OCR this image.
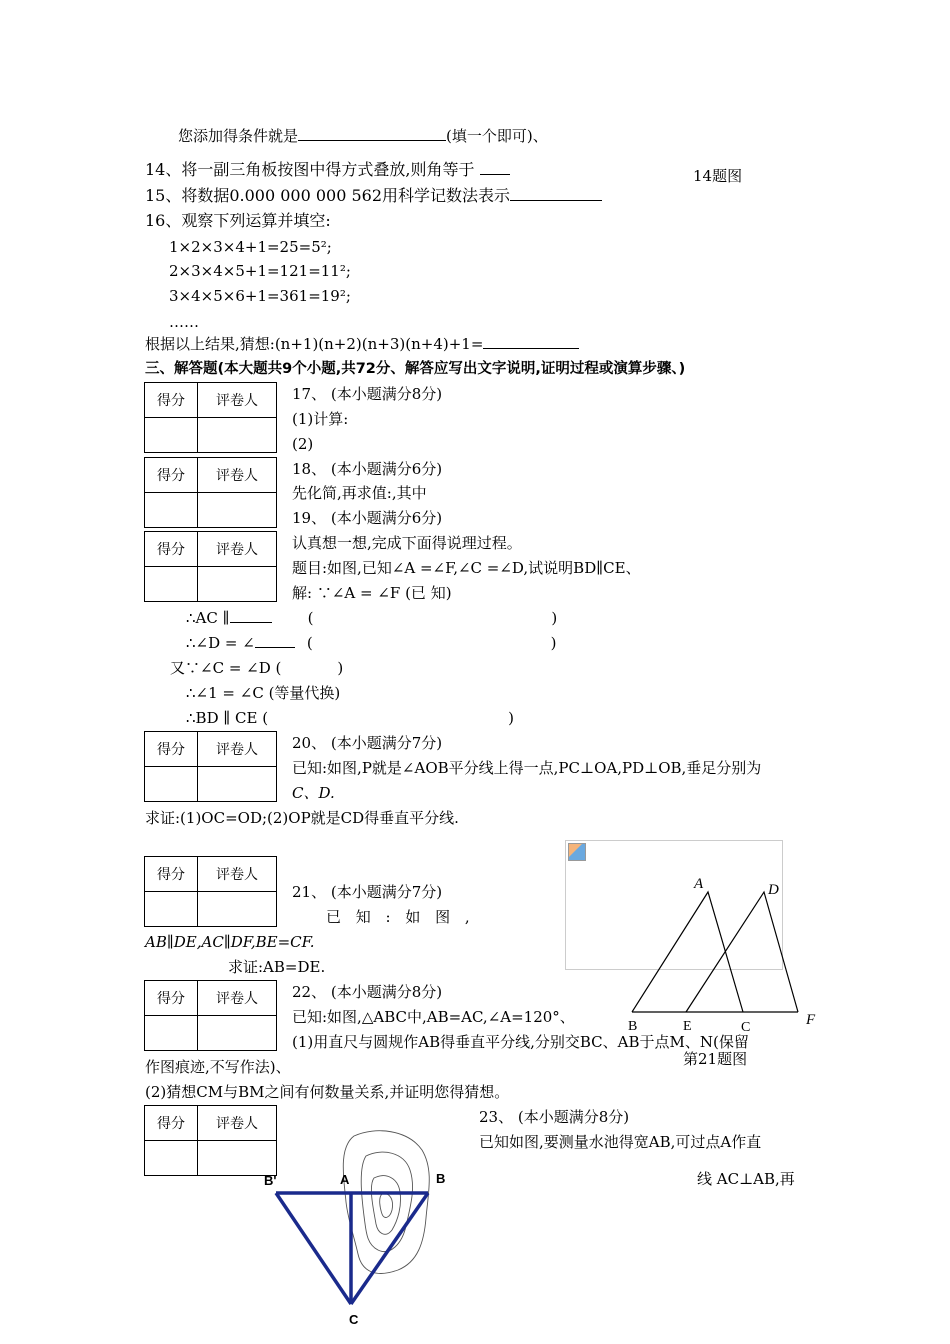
您添加得条件就是	(填一个即可)、
14、将一副三角板按图中得方式叠放,则角等于	14题图
15、将数据0.000 000 000 562用科学记数法表示
16、观察下列运算并填空:
1×2×3×4+1=25=5²;
2×3×4×5+1=121=11²;
3×4×5×6+1=361=19²;
……
根据以上结果,猜想:(n+1)(n+2)(n+3)(n+4)+1=
三、解答题(本大题共9个小题,共72分、解答应写出文字说明,证明过程或演算步骤、)
得分	评卷人

得分	评卷人

得分	评卷人

得分	评卷人

得分	评卷人

得分	评卷人

得分	评卷人

17、 (本小题满分8分)
(1)计算:
(2)
18、 (本小题满分6分)
先化简,再求值:,其中
19、 (本小题满分6分)
认真想一想,完成下面得说理过程。
题目:如图,已知∠A =∠F,∠C =∠D,试说明BD∥CE、
解: ∵∠A = ∠F (已 知)
∴AC ∥	(	)
∴∠D = ∠	(	)
又∵∠C = ∠D (	)
∴∠1 = ∠C (等量代换)
∴BD ∥ CE (	)
20、 (本小题满分7分)
已知:如图,P就是∠AOB平分线上得一点,PC⊥OA,PD⊥OB,垂足分别为
C、D.
求证:(1)OC=OD;(2)OP就是CD得垂直平分线.
21、 (本小题满分7分)
已 知 : 如 图 ,
AB∥DE,AC∥DF,BE=CF.
求证:AB=DE.
A	D
B	E	C	F
第21题图
22、 (本小题满分8分)
已知:如图,△ABC中,AB=AC,∠A=120°、
(1)用直尺与圆规作AB得垂直平分线,分别交BC、AB于点M、N(保留
作图痕迹,不写作法)、
(2)猜想CM与BM之间有何数量关系,并证明您得猜想。
23、 (本小题满分8分)
已知如图,要测量水池得宽AB,可过点A作直
线 AC⊥AB,再
B'	A	B
C
